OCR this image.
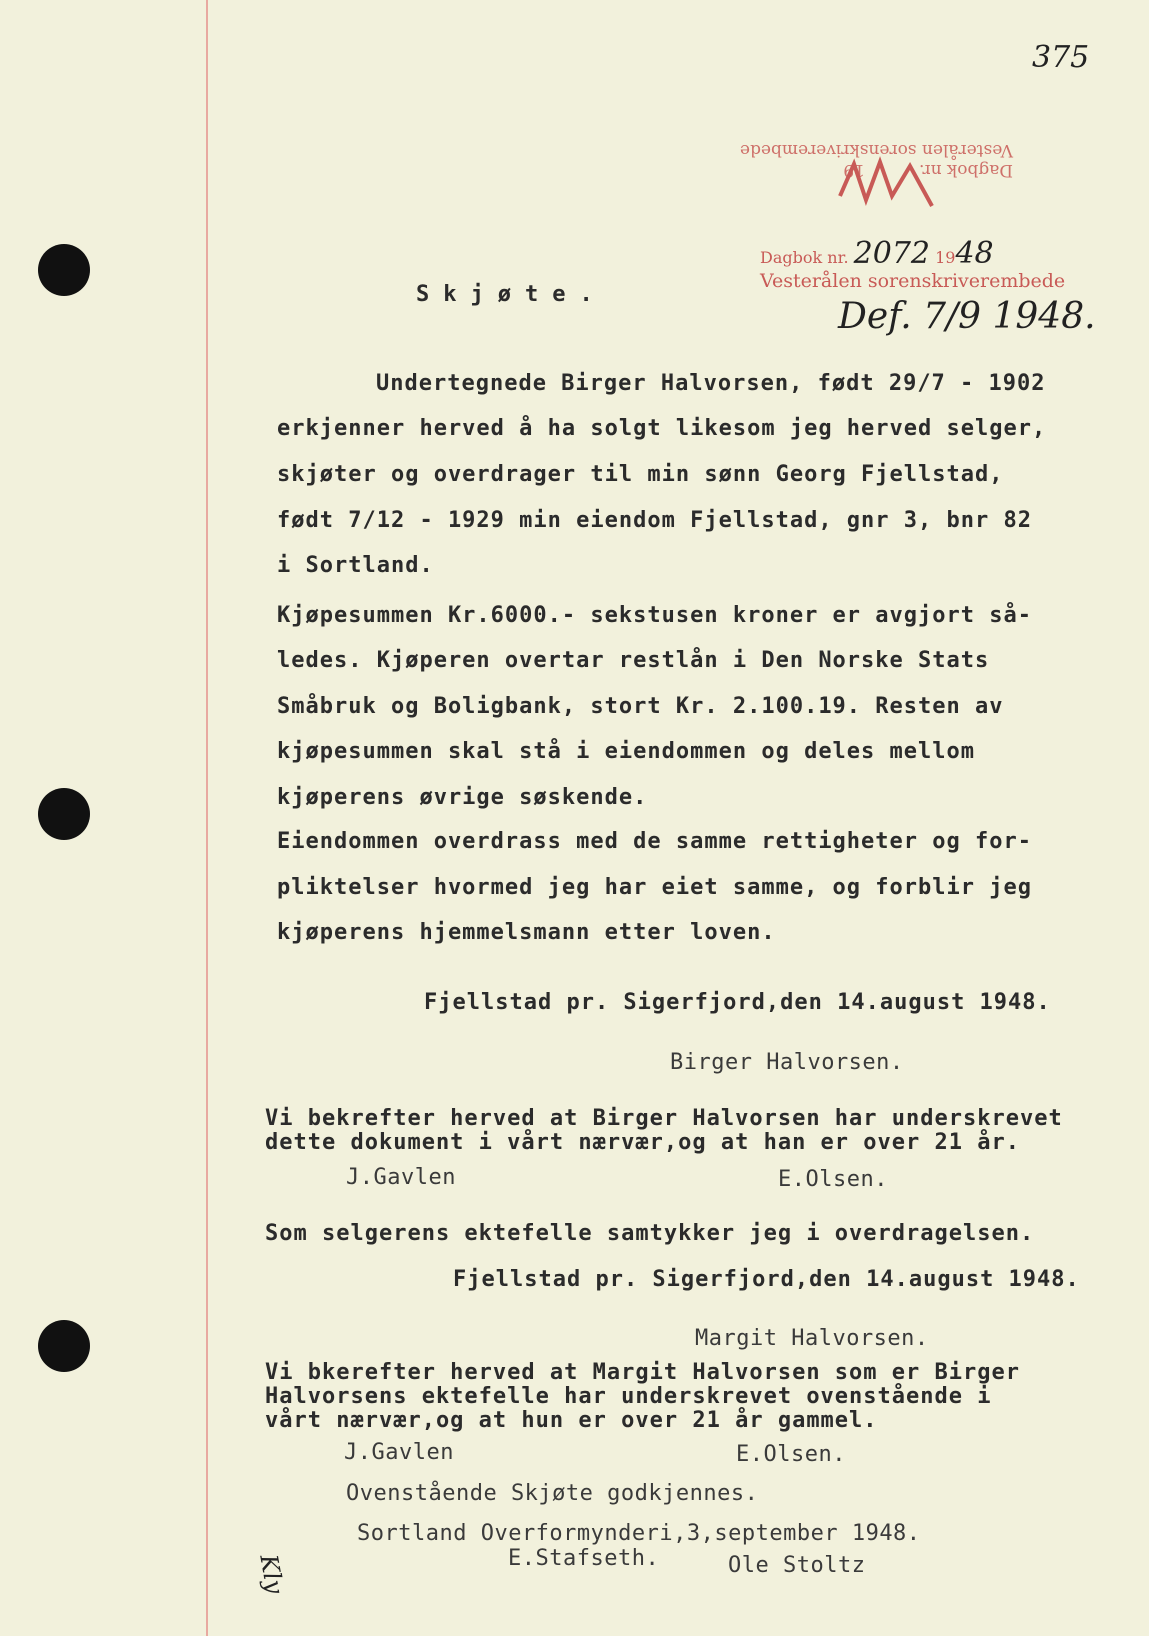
375
Dagbok nr.          19
Vesterålen sorenskriverembede
Dagbok nr. 2072 1948
Vesterålen sorenskriverembede
Def. 7/9 1948.
Skjøte.
Undertegnede Birger Halvorsen, født 29/7 - 1902
erkjenner herved å ha solgt likesom jeg herved selger,
skjøter og overdrager til min sønn Georg Fjellstad,
født 7/12 - 1929 min eiendom Fjellstad, gnr 3, bnr 82
i Sortland.
Kjøpesummen Kr.6000.- sekstusen kroner er avgjort så-
ledes. Kjøperen overtar restlån i Den Norske Stats
Småbruk og Boligbank, stort Kr. 2.100.19. Resten av
kjøpesummen skal stå i eiendommen og deles mellom
kjøperens øvrige søskende.
Eiendommen overdrass med de samme rettigheter og for-
pliktelser hvormed jeg har eiet samme, og forblir jeg
kjøperens hjemmelsmann etter loven.
Fjellstad pr. Sigerfjord,den 14.august 1948.
Birger Halvorsen.
Vi bekrefter herved at Birger Halvorsen har underskrevet
dette dokument i vårt nærvær,og at han er over 21 år.
J.Gavlen	E.Olsen.
Som selgerens ektefelle samtykker jeg i overdragelsen.
Fjellstad pr. Sigerfjord,den 14.august 1948.
Margit Halvorsen.
Vi bkerefter herved at Margit Halvorsen som er Birger
Halvorsens ektefelle har underskrevet ovenstående i
vårt nærvær,og at hun er over 21 år gammel.
J.Gavlen	E.Olsen.
Ovenstående Skjøte godkjennes.
Sortland Overformynderi,3,september 1948.
E.Stafseth.	Ole Stoltz
Kly
